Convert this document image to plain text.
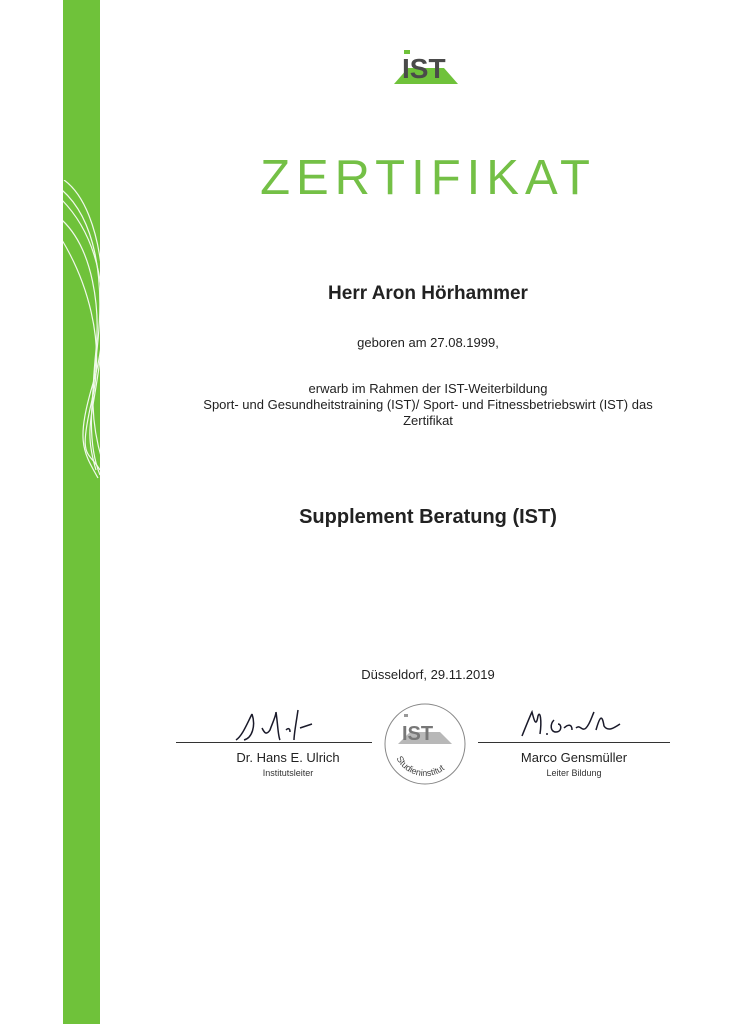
IST
ZERTIFIKAT
Herr Aron Hörhammer
geboren am 27.08.1999,
erwarb im Rahmen der IST-Weiterbildung
Sport- und Gesundheitstraining (IST)/ Sport- und Fitnessbetriebswirt (IST) das
Zertifikat
Supplement Beratung (IST)
Düsseldorf, 29.11.2019
Dr. Hans E. Ulrich
Institutsleiter
IST
Studieninstitut
Marco Gensmüller
Leiter Bildung
